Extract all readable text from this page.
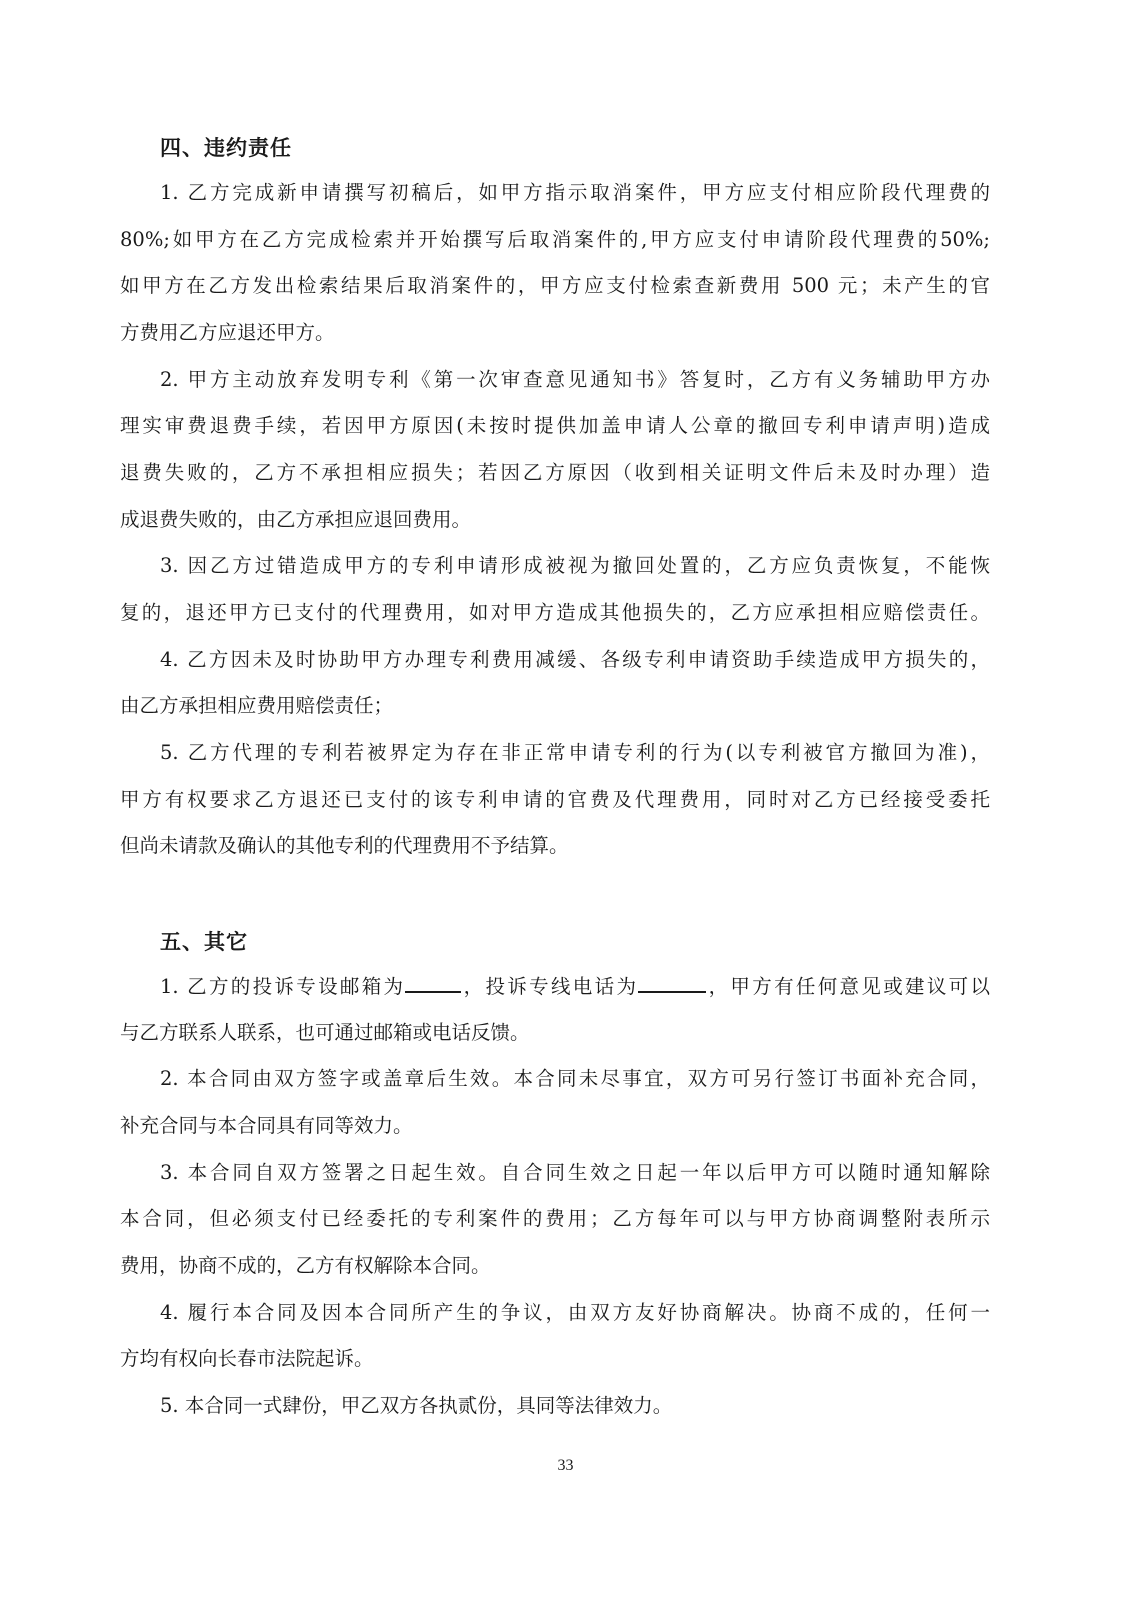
四、违约责任
1. 乙方完成新申请撰写初稿后，如甲方指示取消案件，甲方应支付相应阶段代理费的
80%;如甲方在乙方完成检索并开始撰写后取消案件的,甲方应支付申请阶段代理费的50%;
如甲方在乙方发出检索结果后取消案件的，甲方应支付检索查新费用 500 元；未产生的官
方费用乙方应退还甲方。
2. 甲方主动放弃发明专利《第一次审查意见通知书》答复时，乙方有义务辅助甲方办
理实审费退费手续，若因甲方原因(未按时提供加盖申请人公章的撤回专利申请声明)造成
退费失败的，乙方不承担相应损失；若因乙方原因（收到相关证明文件后未及时办理）造
成退费失败的，由乙方承担应退回费用。
3. 因乙方过错造成甲方的专利申请形成被视为撤回处置的，乙方应负责恢复，不能恢
复的，退还甲方已支付的代理费用，如对甲方造成其他损失的，乙方应承担相应赔偿责任。
4. 乙方因未及时协助甲方办理专利费用减缓、各级专利申请资助手续造成甲方损失的，
由乙方承担相应费用赔偿责任；
5. 乙方代理的专利若被界定为存在非正常申请专利的行为(以专利被官方撤回为准)，
甲方有权要求乙方退还已支付的该专利申请的官费及代理费用，同时对乙方已经接受委托
但尚未请款及确认的其他专利的代理费用不予结算。
五、其它
1. 乙方的投诉专设邮箱为	，投诉专线电话为	，甲方有任何意见或建议可以
与乙方联系人联系，也可通过邮箱或电话反馈。
2. 本合同由双方签字或盖章后生效。本合同未尽事宜，双方可另行签订书面补充合同，
补充合同与本合同具有同等效力。
3. 本合同自双方签署之日起生效。自合同生效之日起一年以后甲方可以随时通知解除
本合同，但必须支付已经委托的专利案件的费用；乙方每年可以与甲方协商调整附表所示
费用，协商不成的，乙方有权解除本合同。
4. 履行本合同及因本合同所产生的争议，由双方友好协商解决。协商不成的，任何一
方均有权向长春市法院起诉。
5. 本合同一式肆份，甲乙双方各执贰份，具同等法律效力。
33
